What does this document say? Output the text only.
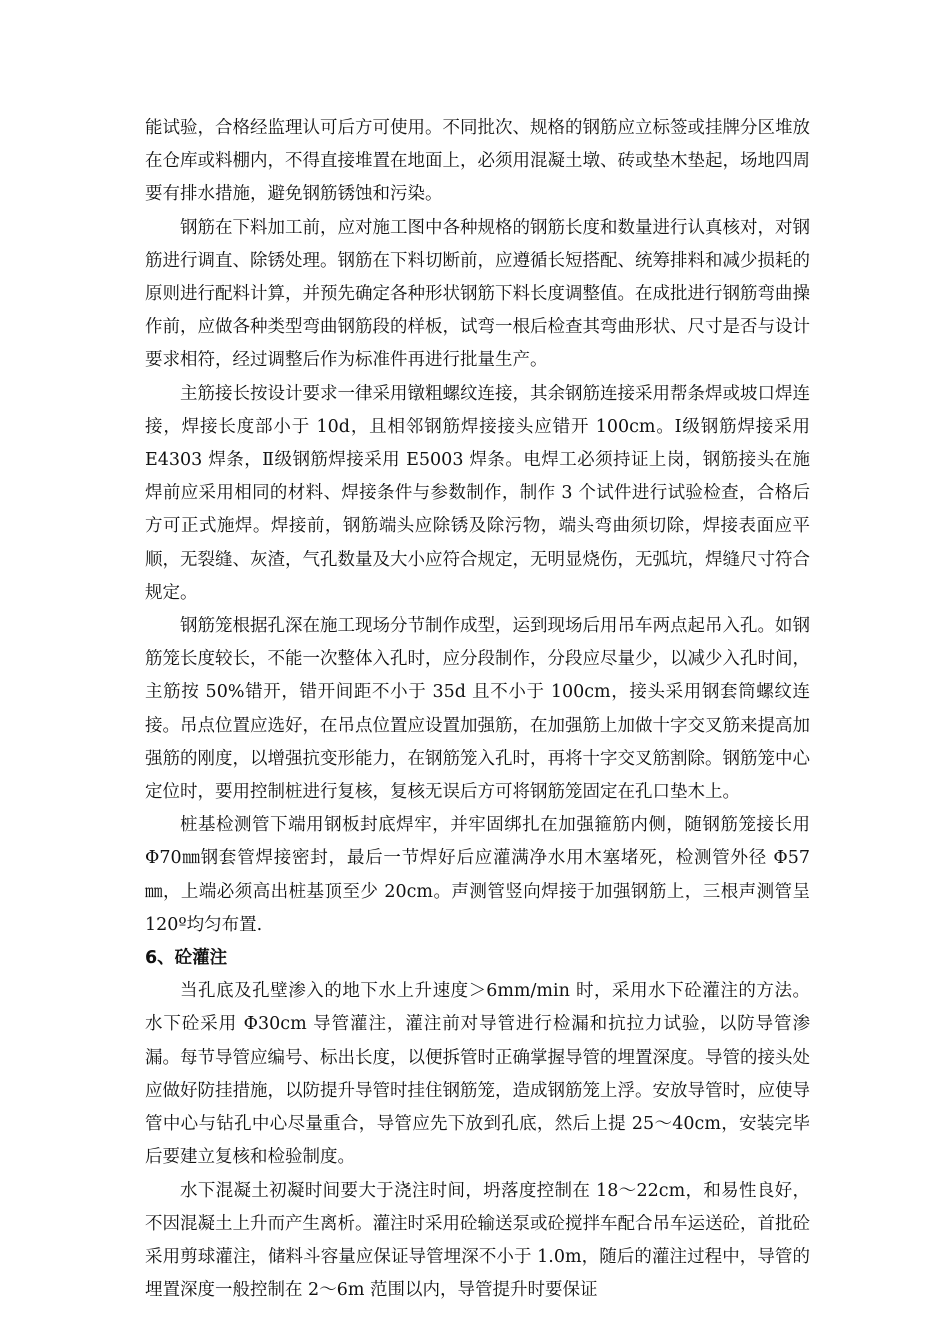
能试验，合格经监理认可后方可使用。不同批次、规格的钢筋应立标签或挂牌分区堆放在仓库或料棚内，不得直接堆置在地面上，必须用混凝土墩、砖或垫木垫起，场地四周要有排水措施，避免钢筋锈蚀和污染。

钢筋在下料加工前，应对施工图中各种规格的钢筋长度和数量进行认真核对，对钢筋进行调直、除锈处理。钢筋在下料切断前，应遵循长短搭配、统筹排料和减少损耗的原则进行配料计算，并预先确定各种形状钢筋下料长度调整值。在成批进行钢筋弯曲操作前，应做各种类型弯曲钢筋段的样板，试弯一根后检查其弯曲形状、尺寸是否与设计要求相符，经过调整后作为标准件再进行批量生产。

主筋接长按设计要求一律采用镦粗螺纹连接，其余钢筋连接采用帮条焊或坡口焊连接，焊接长度部小于 10d，且相邻钢筋焊接接头应错开 100cm。Ⅰ级钢筋焊接采用 E4303 焊条，Ⅱ级钢筋焊接采用 E5003 焊条。电焊工必须持证上岗，钢筋接头在施焊前应采用相同的材料、焊接条件与参数制作，制作 3 个试件进行试验检查，合格后方可正式施焊。焊接前，钢筋端头应除锈及除污物，端头弯曲须切除，焊接表面应平顺，无裂缝、灰渣，气孔数量及大小应符合规定，无明显烧伤，无弧坑，焊缝尺寸符合规定。

钢筋笼根据孔深在施工现场分节制作成型，运到现场后用吊车两点起吊入孔。如钢筋笼长度较长，不能一次整体入孔时，应分段制作，分段应尽量少，以减少入孔时间，主筋按 50%错开，错开间距不小于 35d 且不小于 100cm，接头采用钢套筒螺纹连接。吊点位置应选好，在吊点位置应设置加强筋，在加强筋上加做十字交叉筋来提高加强筋的刚度，以增强抗变形能力，在钢筋笼入孔时，再将十字交叉筋割除。钢筋笼中心定位时，要用控制桩进行复核，复核无误后方可将钢筋笼固定在孔口垫木上。

桩基检测管下端用钢板封底焊牢，并牢固绑扎在加强箍筋内侧，随钢筋笼接长用 Φ70㎜钢套管焊接密封，最后一节焊好后应灌满净水用木塞堵死，检测管外径 Φ57㎜，上端必须高出桩基顶至少 20cm。声测管竖向焊接于加强钢筋上，三根声测管呈 120º均匀布置.

6、砼灌注

当孔底及孔壁渗入的地下水上升速度＞6mm/min 时，采用水下砼灌注的方法。水下砼采用 Φ30cm 导管灌注，灌注前对导管进行检漏和抗拉力试验，以防导管渗漏。每节导管应编号、标出长度，以便拆管时正确掌握导管的埋置深度。导管的接头处应做好防挂措施，以防提升导管时挂住钢筋笼，造成钢筋笼上浮。安放导管时，应使导管中心与钻孔中心尽量重合，导管应先下放到孔底，然后上提 25～40cm，安装完毕后要建立复核和检验制度。

水下混凝土初凝时间要大于浇注时间，坍落度控制在 18～22cm，和易性良好，不因混凝土上升而产生离析。灌注时采用砼输送泵或砼搅拌车配合吊车运送砼，首批砼采用剪球灌注，储料斗容量应保证导管埋深不小于 1.0m，随后的灌注过程中，导管的埋置深度一般控制在 2～6m 范围以内，导管提升时要保证
